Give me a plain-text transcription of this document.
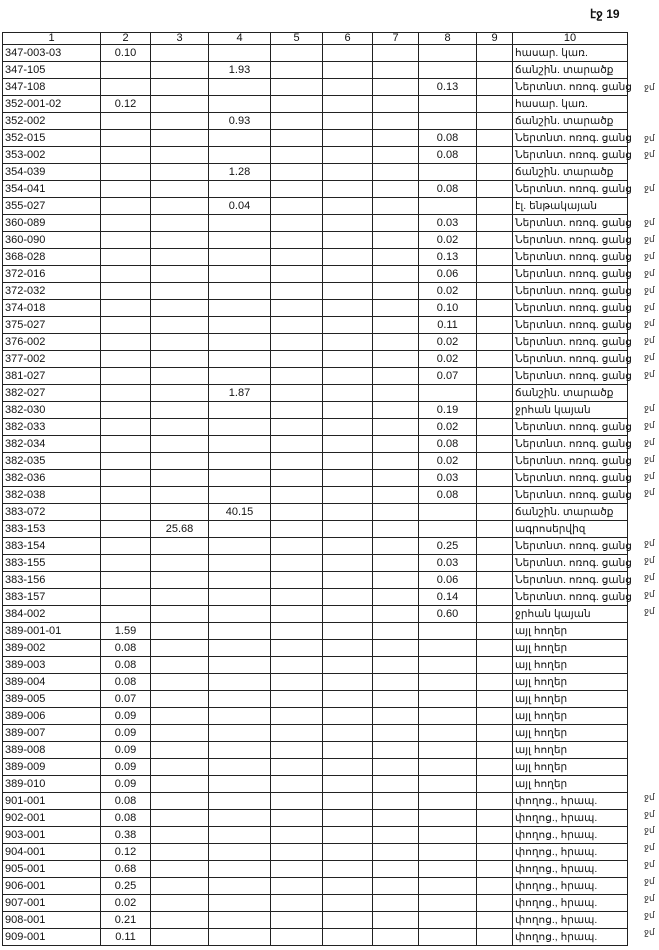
էջ 19
1	2	3	4	5	6	7	8	9	10
347-003-03	0.10								հասար. կառ.
347-105			1.93						ճանշին. տարածք
347-108							0.13		Ներտնտ. ոռոգ. ցանց
352-001-02	0.12								հասար. կառ.
352-002			0.93						ճանշին. տարածք
352-015							0.08		Ներտնտ. ոռոգ. ցանց
353-002							0.08		Ներտնտ. ոռոգ. ցանց
354-039			1.28						ճանշին. տարածք
354-041							0.08		Ներտնտ. ոռոգ. ցանց
355-027			0.04						էլ. ենթակայան
360-089							0.03		Ներտնտ. ոռոգ. ցանց
360-090							0.02		Ներտնտ. ոռոգ. ցանց
368-028							0.13		Ներտնտ. ոռոգ. ցանց
372-016							0.06		Ներտնտ. ոռոգ. ցանց
372-032							0.02		Ներտնտ. ոռոգ. ցանց
374-018							0.10		Ներտնտ. ոռոգ. ցանց
375-027							0.11		Ներտնտ. ոռոգ. ցանց
376-002							0.02		Ներտնտ. ոռոգ. ցանց
377-002							0.02		Ներտնտ. ոռոգ. ցանց
381-027							0.07		Ներտնտ. ոռոգ. ցանց
382-027			1.87						ճանշին. տարածք
382-030							0.19		ջրհան կայան
382-033							0.02		Ներտնտ. ոռոգ. ցանց
382-034							0.08		Ներտնտ. ոռոգ. ցանց
382-035							0.02		Ներտնտ. ոռոգ. ցանց
382-036							0.03		Ներտնտ. ոռոգ. ցանց
382-038							0.08		Ներտնտ. ոռոգ. ցանց
383-072			40.15						ճանշին. տարածք
383-153		25.68							ագրոսերվիզ
383-154							0.25		Ներտնտ. ոռոգ. ցանց
383-155							0.03		Ներտնտ. ոռոգ. ցանց
383-156							0.06		Ներտնտ. ոռոգ. ցանց
383-157							0.14		Ներտնտ. ոռոգ. ցանց
384-002							0.60		ջրհան կայան
389-001-01	1.59								այլ հողեր
389-002	0.08								այլ հողեր
389-003	0.08								այլ հողեր
389-004	0.08								այլ հողեր
389-005	0.07								այլ հողեր
389-006	0.09								այլ հողեր
389-007	0.09								այլ հողեր
389-008	0.09								այլ հողեր
389-009	0.09								այլ հողեր
389-010	0.09								այլ հողեր
901-001	0.08								փողոց., հրապ.
902-001	0.08								փողոց., հրապ.
903-001	0.38								փողոց., հրապ.
904-001	0.12								փողոց., հրապ.
905-001	0.68								փողոց., հրապ.
906-001	0.25								փողոց., հրապ.
907-001	0.02								փողոց., հրապ.
908-001	0.21								փողոց., հրապ.
909-001	0.11								փողոց., հրապ.
ջմ
ջմ
ջմ
ջմ
ջմ
ջմ
ջմ
ջմ
ջմ
ջմ
ջմ
ջմ
ջմ
ջմ
ջմ
ջմ
ջմ
ջմ
ջմ
ջմ
ջմ
ջմ
ջմ
ջմ
ջմ
ջմ
ջմ
ջմ
ջմ
ջմ
ջմ
ջմ
ջմ
ջմ
